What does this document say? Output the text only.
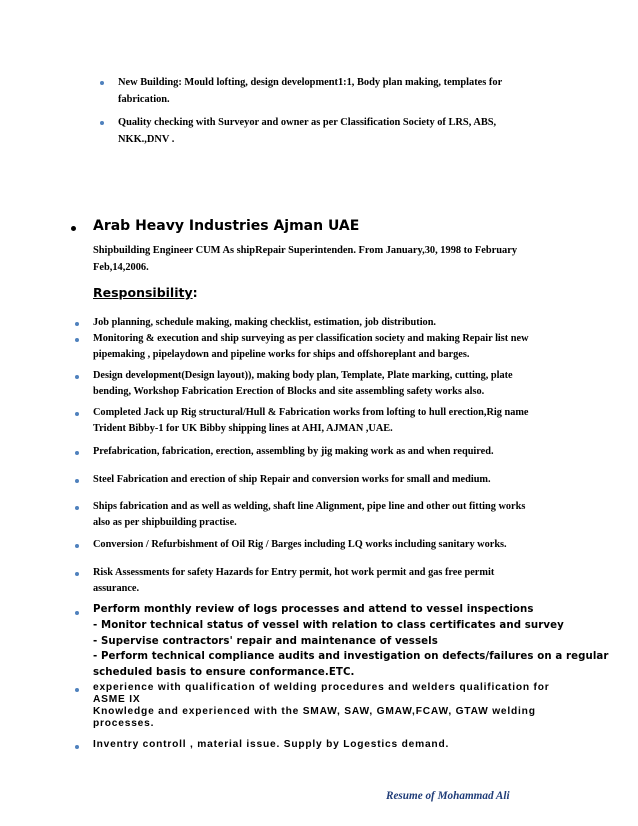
New Building: Mould lofting, design development1:1, Body plan making, templates for
fabrication.
Quality checking with Surveyor and owner as per Classification Society of LRS, ABS,
NKK.,DNV .
Arab Heavy Industries Ajman UAE
Shipbuilding Engineer CUM As shipRepair Superintenden. From January,30, 1998 to February
Feb,14,2006.
Responsibility:
Job planning, schedule making, making checklist, estimation, job distribution.
Monitoring & execution and ship surveying as per classification society and making Repair list new
pipemaking , pipelaydown and pipeline works for ships and offshoreplant and barges.
Design development(Design layout)), making body plan, Template, Plate marking, cutting, plate
bending, Workshop Fabrication Erection of Blocks and site assembling safety works also.
Completed Jack up Rig structural/Hull & Fabrication works from lofting to hull erection,Rig name
Trident Bibby-1 for UK Bibby shipping lines at AHI, AJMAN ,UAE.
Prefabrication, fabrication, erection, assembling by jig making work as and when required.
Steel Fabrication and erection of ship Repair and conversion works for small and medium.
Ships fabrication and as well as welding, shaft line Alignment, pipe line and other out fitting works
also as per shipbuilding practise.
Conversion / Refurbishment of Oil Rig / Barges including LQ works including sanitary works.
Risk Assessments for safety Hazards for Entry permit, hot work permit and gas free permit
assurance.
Perform monthly review of logs processes and attend to vessel inspections
- Monitor technical status of vessel with relation to class certificates and survey
- Supervise contractors' repair and maintenance of vessels
- Perform technical compliance audits and investigation on defects/failures on a regular
scheduled basis to ensure conformance.ETC.
experience with qualification of welding procedures and welders qualification for
ASME IX
Knowledge and experienced with the SMAW, SAW, GMAW,FCAW, GTAW welding
processes.
Inventry controll , material issue. Supply by Logestics demand.
Resume of Mohammad Ali
